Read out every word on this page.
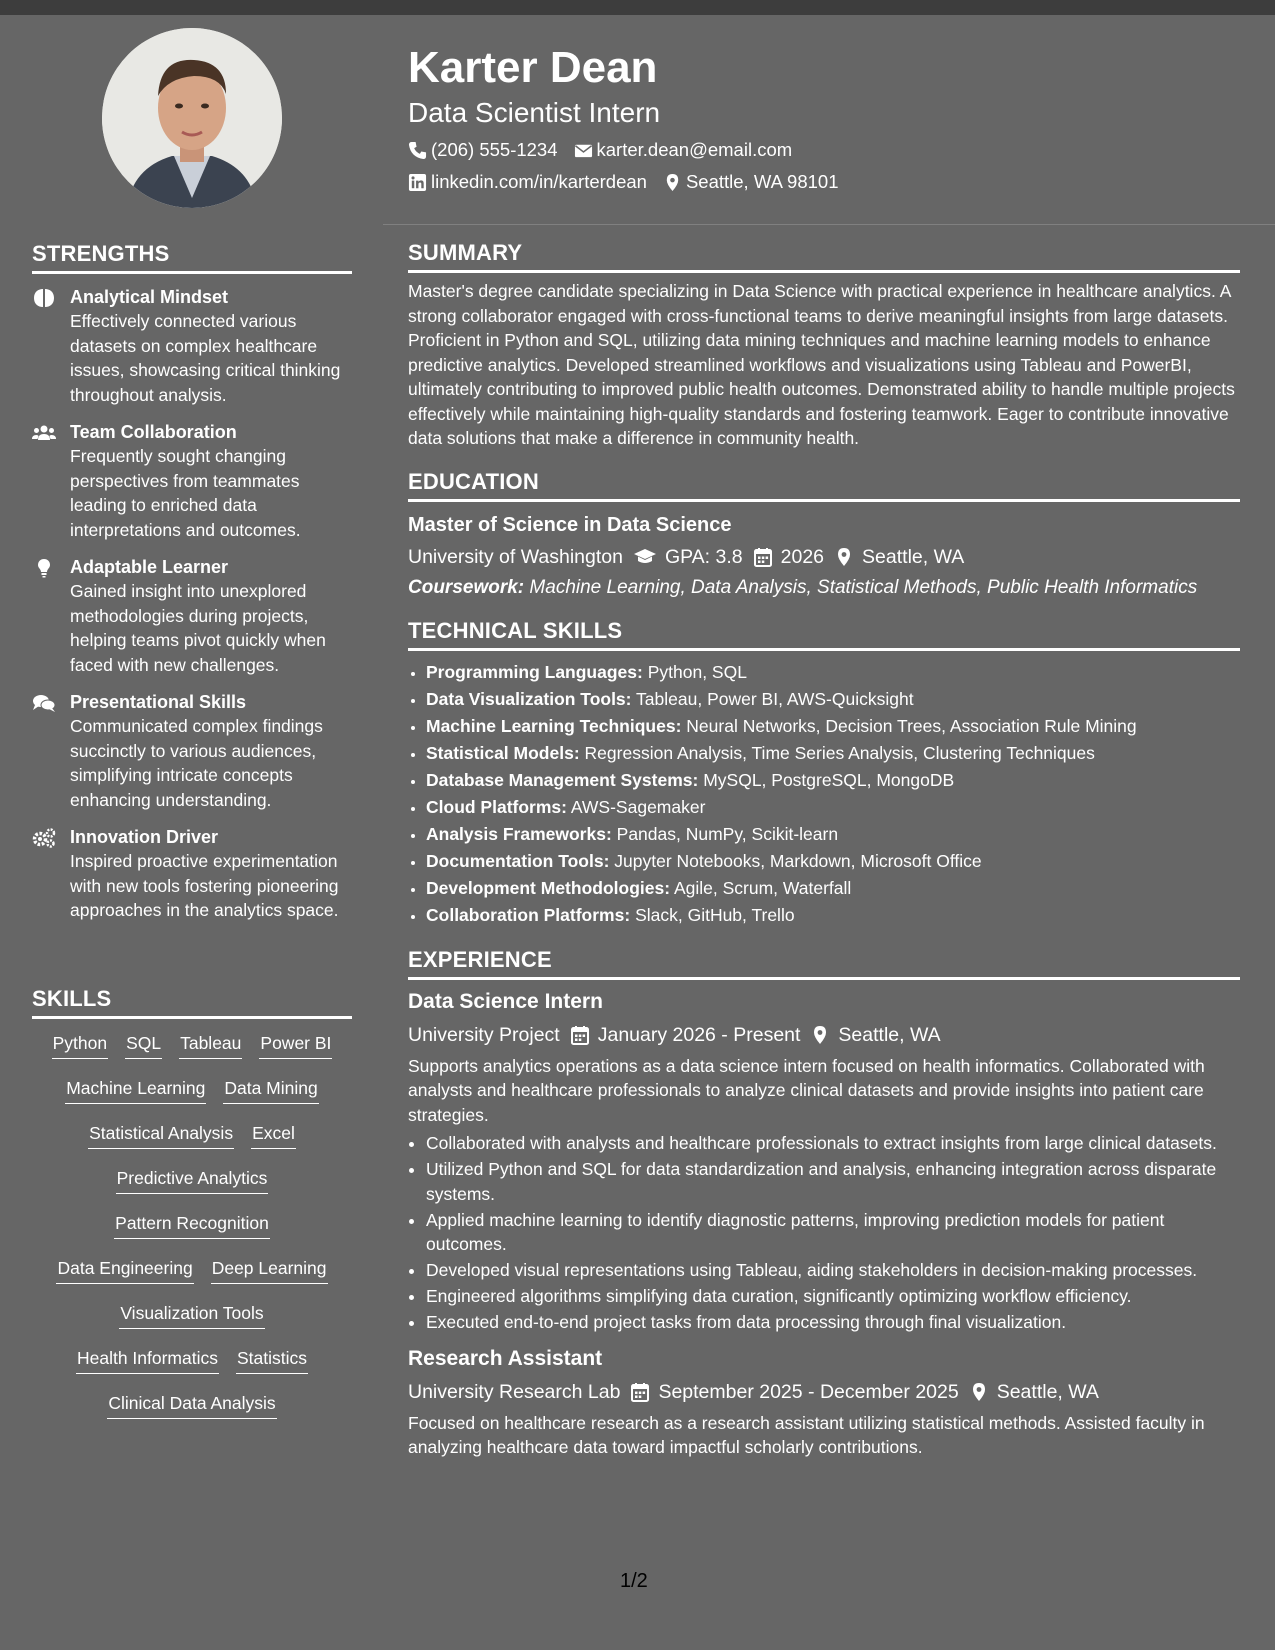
STRENGTHS
Analytical Mindset
Effectively connected various datasets on complex healthcare issues, showcasing critical thinking throughout analysis.
Team Collaboration
Frequently sought changing perspectives from teammates leading to enriched data interpretations and outcomes.
Adaptable Learner
Gained insight into unexplored methodologies during projects, helping teams pivot quickly when faced with new challenges.
Presentational Skills
Communicated complex findings succinctly to various audiences, simplifying intricate concepts enhancing understanding.
Innovation Driver
Inspired proactive experimentation with new tools fostering pioneering approaches in the analytics space.
SKILLS
Python SQL Tableau Power BI
Machine Learning Data Mining
Statistical Analysis Excel
Predictive Analytics
Pattern Recognition
Data Engineering Deep Learning
Visualization Tools
Health Informatics Statistics
Clinical Data Analysis
Karter Dean
Data Scientist Intern
(206) 555-1234 karter.dean@email.com
linkedin.com/in/karterdean Seattle, WA 98101
SUMMARY
Master's degree candidate specializing in Data Science with practical experience in healthcare analytics. A strong collaborator engaged with cross-functional teams to derive meaningful insights from large datasets. Proficient in Python and SQL, utilizing data mining techniques and machine learning models to enhance predictive analytics. Developed streamlined workflows and visualizations using Tableau and PowerBI, ultimately contributing to improved public health outcomes. Demonstrated ability to handle multiple projects effectively while maintaining high-quality standards and fostering teamwork. Eager to contribute innovative data solutions that make a difference in community health.
EDUCATION
Master of Science in Data Science
University of Washington GPA: 3.8 2026 Seattle, WA
Coursework: Machine Learning, Data Analysis, Statistical Methods, Public Health Informatics
TECHNICAL SKILLS
• Programming Languages: Python, SQL
• Data Visualization Tools: Tableau, Power BI, AWS-Quicksight
• Machine Learning Techniques: Neural Networks, Decision Trees, Association Rule Mining
• Statistical Models: Regression Analysis, Time Series Analysis, Clustering Techniques
• Database Management Systems: MySQL, PostgreSQL, MongoDB
• Cloud Platforms: AWS-Sagemaker
• Analysis Frameworks: Pandas, NumPy, Scikit-learn
• Documentation Tools: Jupyter Notebooks, Markdown, Microsoft Office
• Development Methodologies: Agile, Scrum, Waterfall
• Collaboration Platforms: Slack, GitHub, Trello
EXPERIENCE
Data Science Intern
University Project January 2026 - Present Seattle, WA
Supports analytics operations as a data science intern focused on health informatics. Collaborated with analysts and healthcare professionals to analyze clinical datasets and provide insights into patient care strategies.
• Collaborated with analysts and healthcare professionals to extract insights from large clinical datasets.
• Utilized Python and SQL for data standardization and analysis, enhancing integration across disparate systems.
• Applied machine learning to identify diagnostic patterns, improving prediction models for patient outcomes.
• Developed visual representations using Tableau, aiding stakeholders in decision-making processes.
• Engineered algorithms simplifying data curation, significantly optimizing workflow efficiency.
• Executed end-to-end project tasks from data processing through final visualization.
Research Assistant
University Research Lab September 2025 - December 2025 Seattle, WA
Focused on healthcare research as a research assistant utilizing statistical methods. Assisted faculty in analyzing healthcare data toward impactful scholarly contributions.
1/2
